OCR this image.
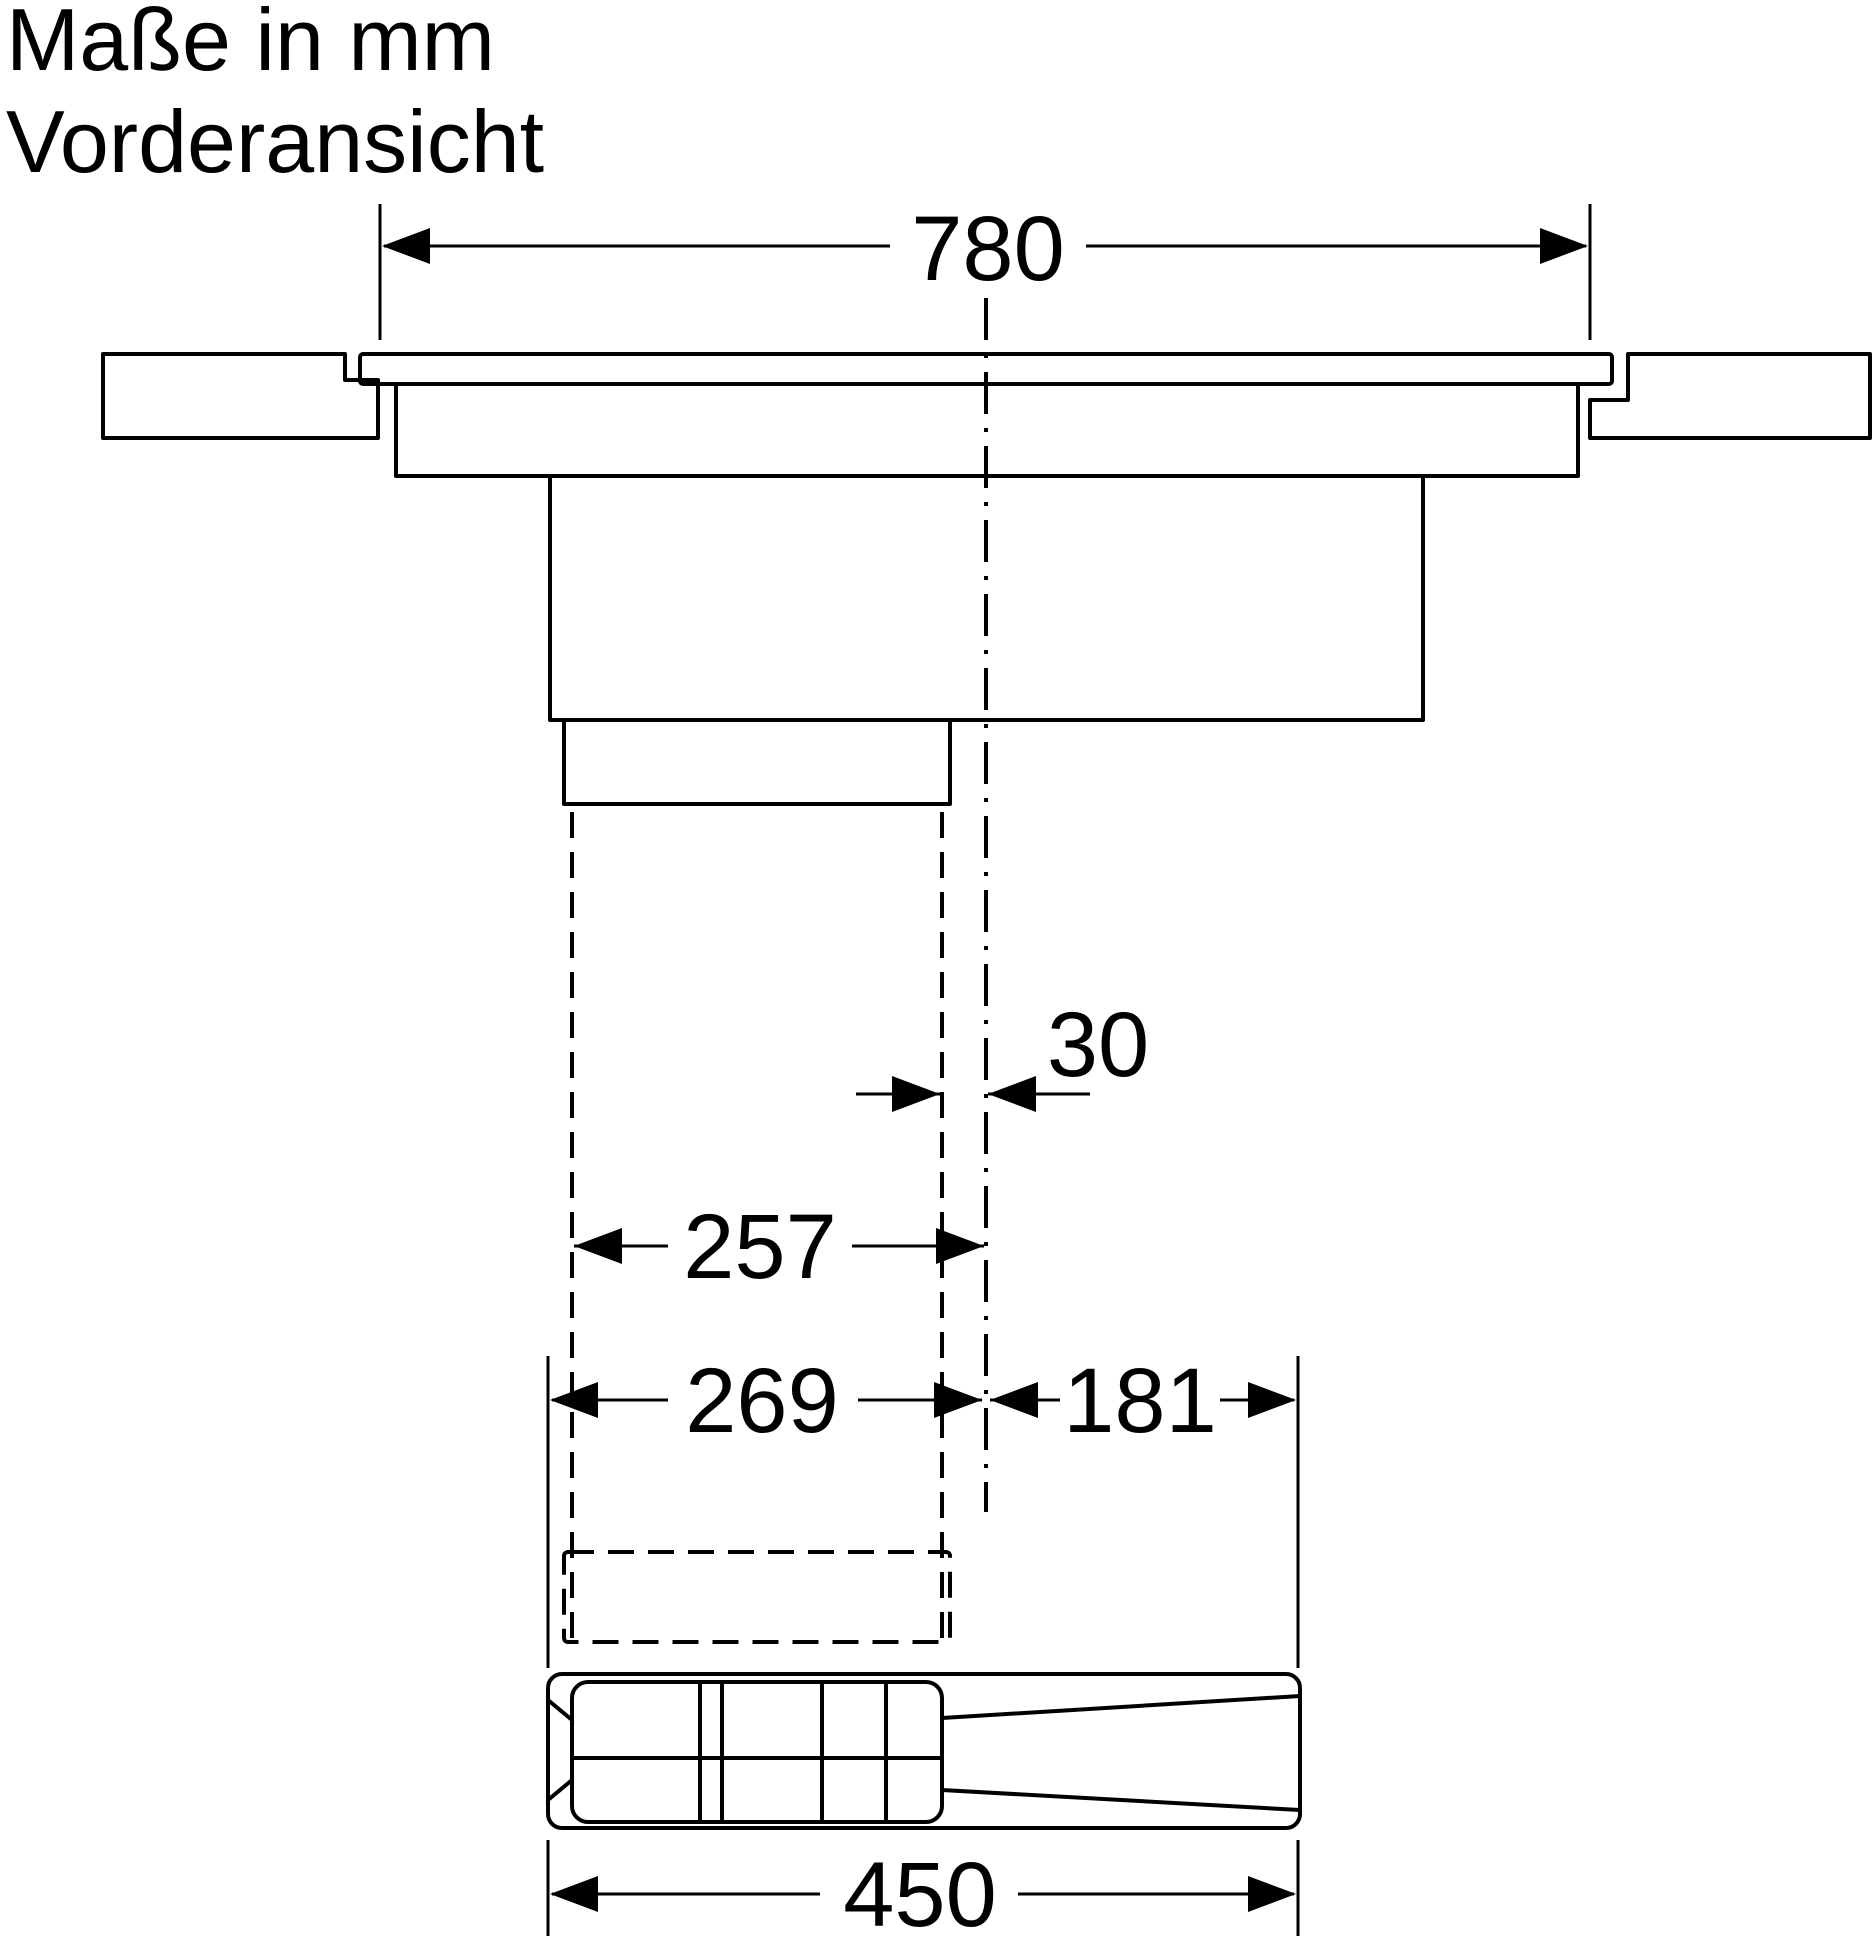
Maße in mm
Vorderansicht
780
30
257
269 181
450
